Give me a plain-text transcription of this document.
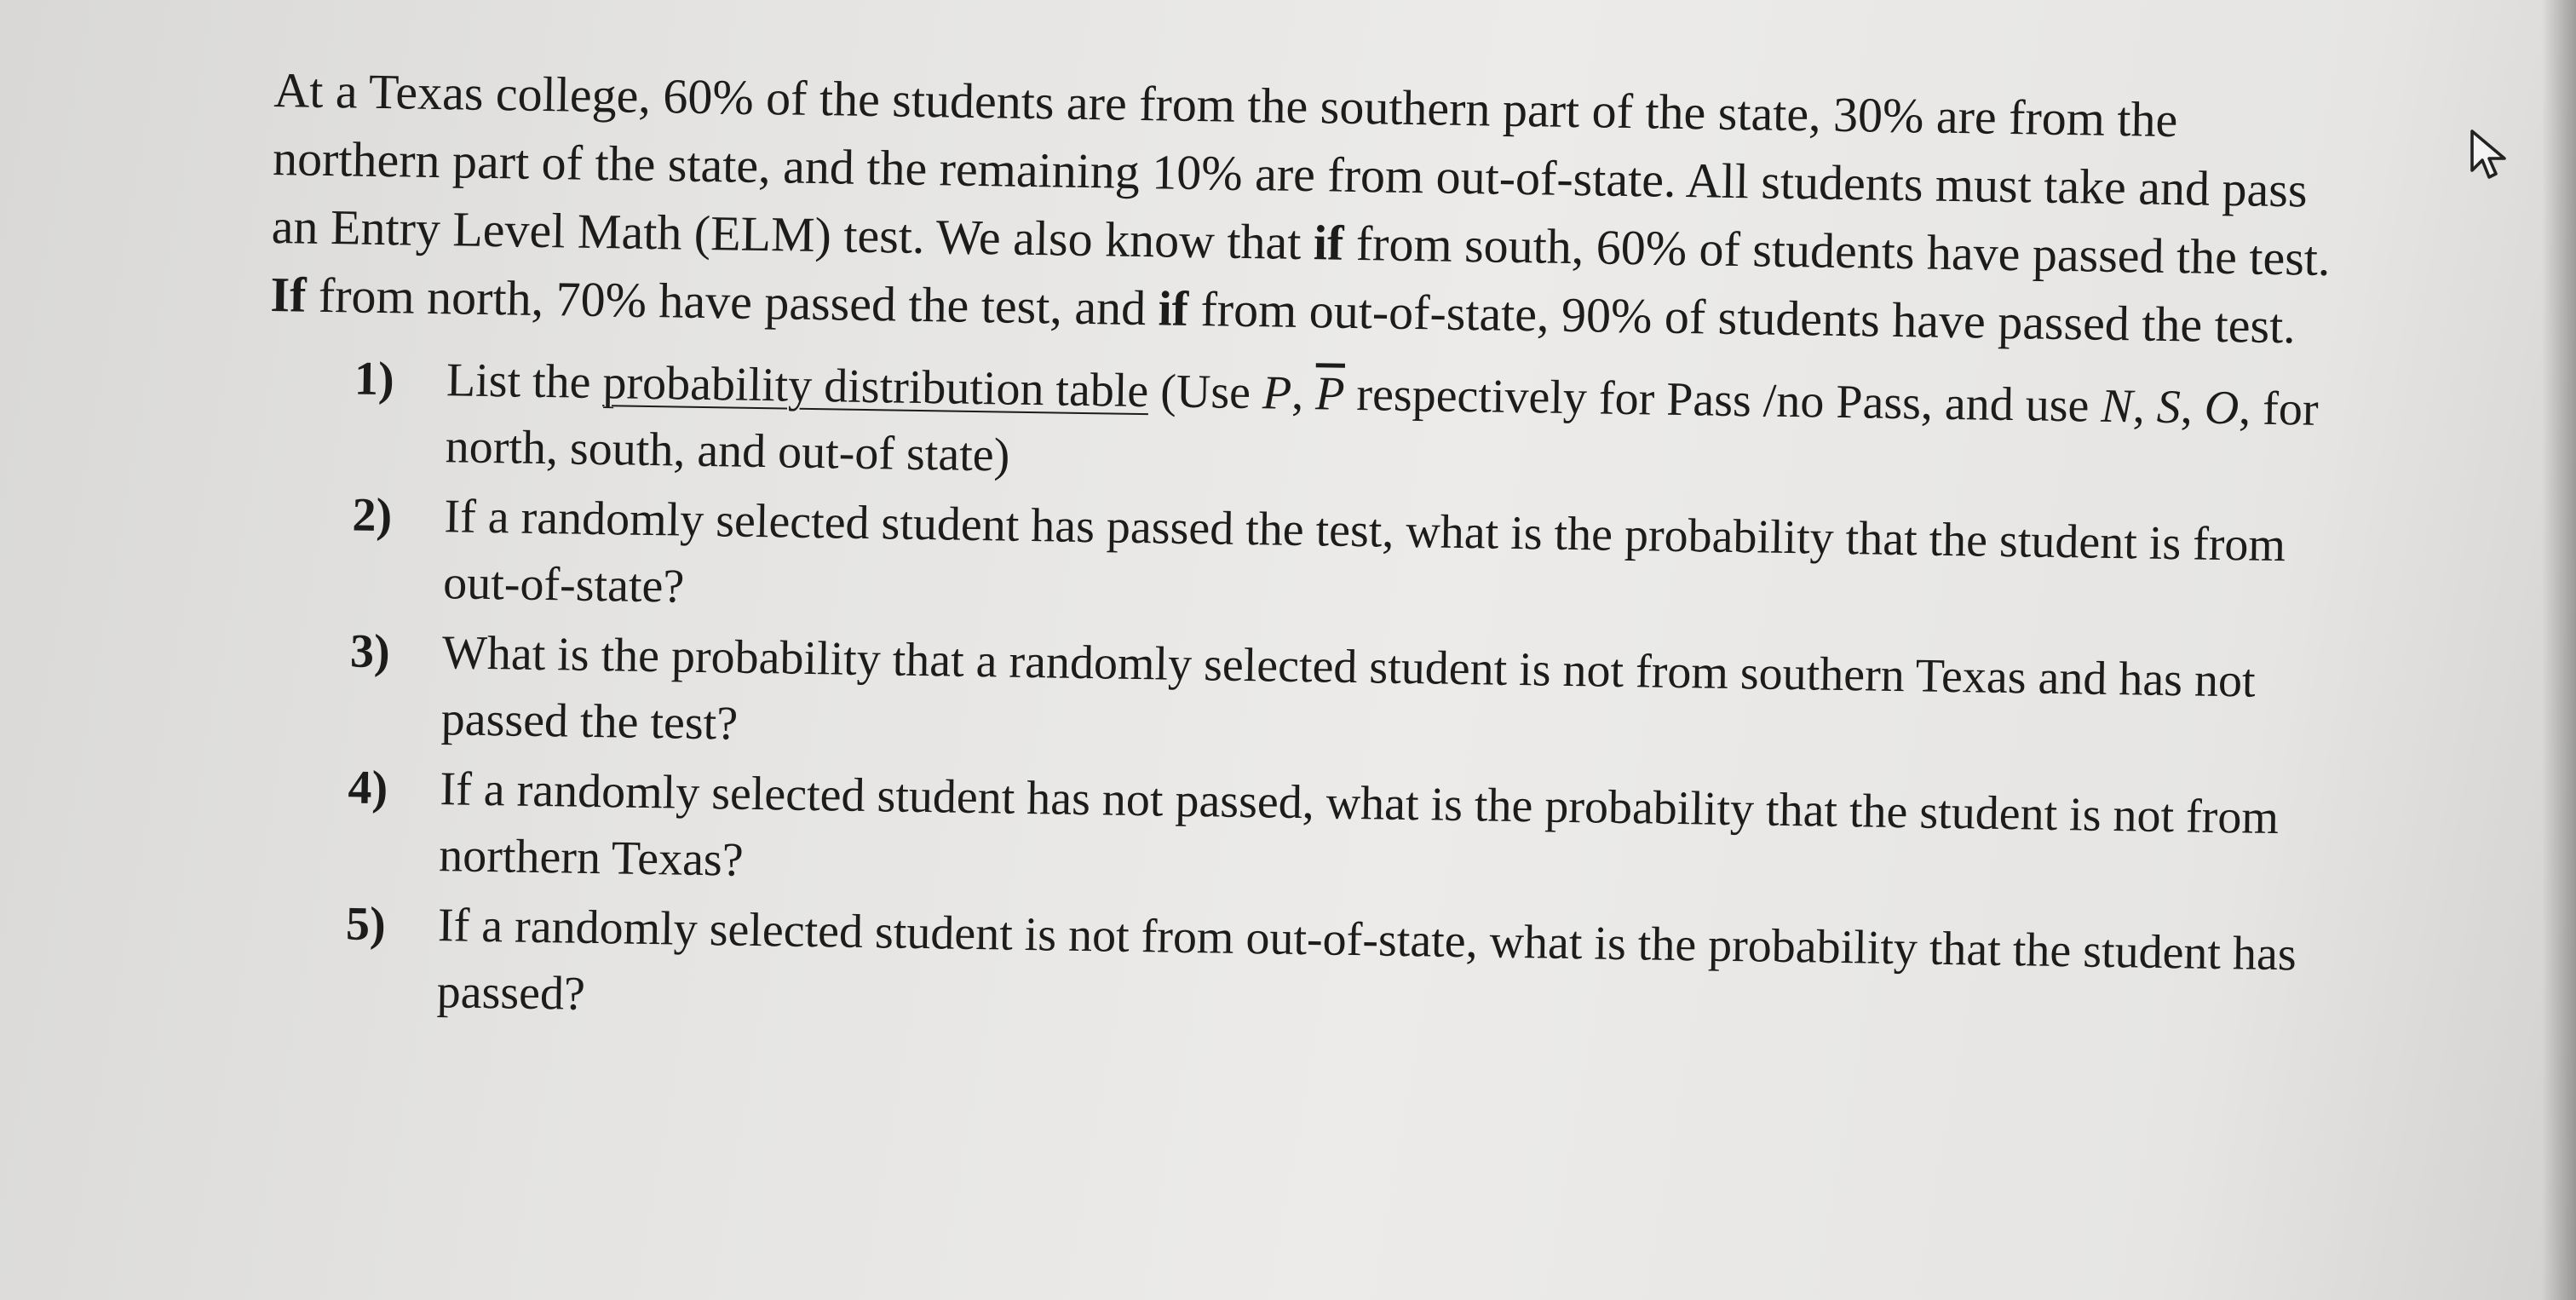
At a Texas college, 60% of the students are from the southern part of the state, 30% are from the northern part of the state, and the remaining 10% are from out-of-state. All students must take and pass an Entry Level Math (ELM) test. We also know that if from south, 60% of students have passed the test. If from north, 70% have passed the test, and if from out-of-state, 90% of students have passed the test.

1) List the probability distribution table (Use P, $\overline{P}$ respectively for Pass /no Pass, and use N, S, O, for north, south, and out-of state)
2) If a randomly selected student has passed the test, what is the probability that the student is from out-of-state?
3) What is the probability that a randomly selected student is not from southern Texas and has not passed the test?
4) If a randomly selected student has not passed, what is the probability that the student is not from northern Texas?
5) If a randomly selected student is not from out-of-state, what is the probability that the student has passed?
